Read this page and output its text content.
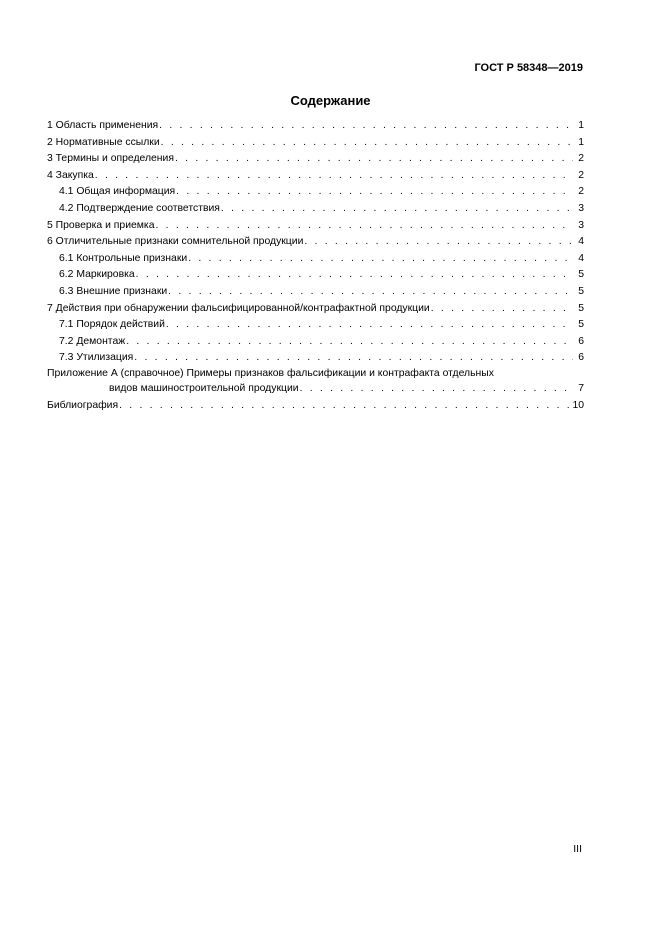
ГОСТ Р 58348—2019
Содержание
1 Область применения . . .	1
2 Нормативные ссылки . . .	1
3 Термины и определения . . .	2
4 Закупка . . .	2
4.1 Общая информация . . .	2
4.2 Подтверждение соответствия . . .	3
5 Проверка и приемка . . .	3
6 Отличительные признаки сомнительной продукции . . .	4
6.1 Контрольные признаки . . .	4
6.2 Маркировка . . .	5
6.3 Внешние признаки . . .	5
7 Действия при обнаружении фальсифицированной/контрафактной продукции . . .	5
7.1 Порядок действий . . .	5
7.2 Демонтаж . . .	6
7.3 Утилизация . . .	6
Приложение А (справочное) Примеры признаков фальсификации и контрафакта отдельных
видов машиностроительной продукции . . .	7
Библиография . . .	10
III
